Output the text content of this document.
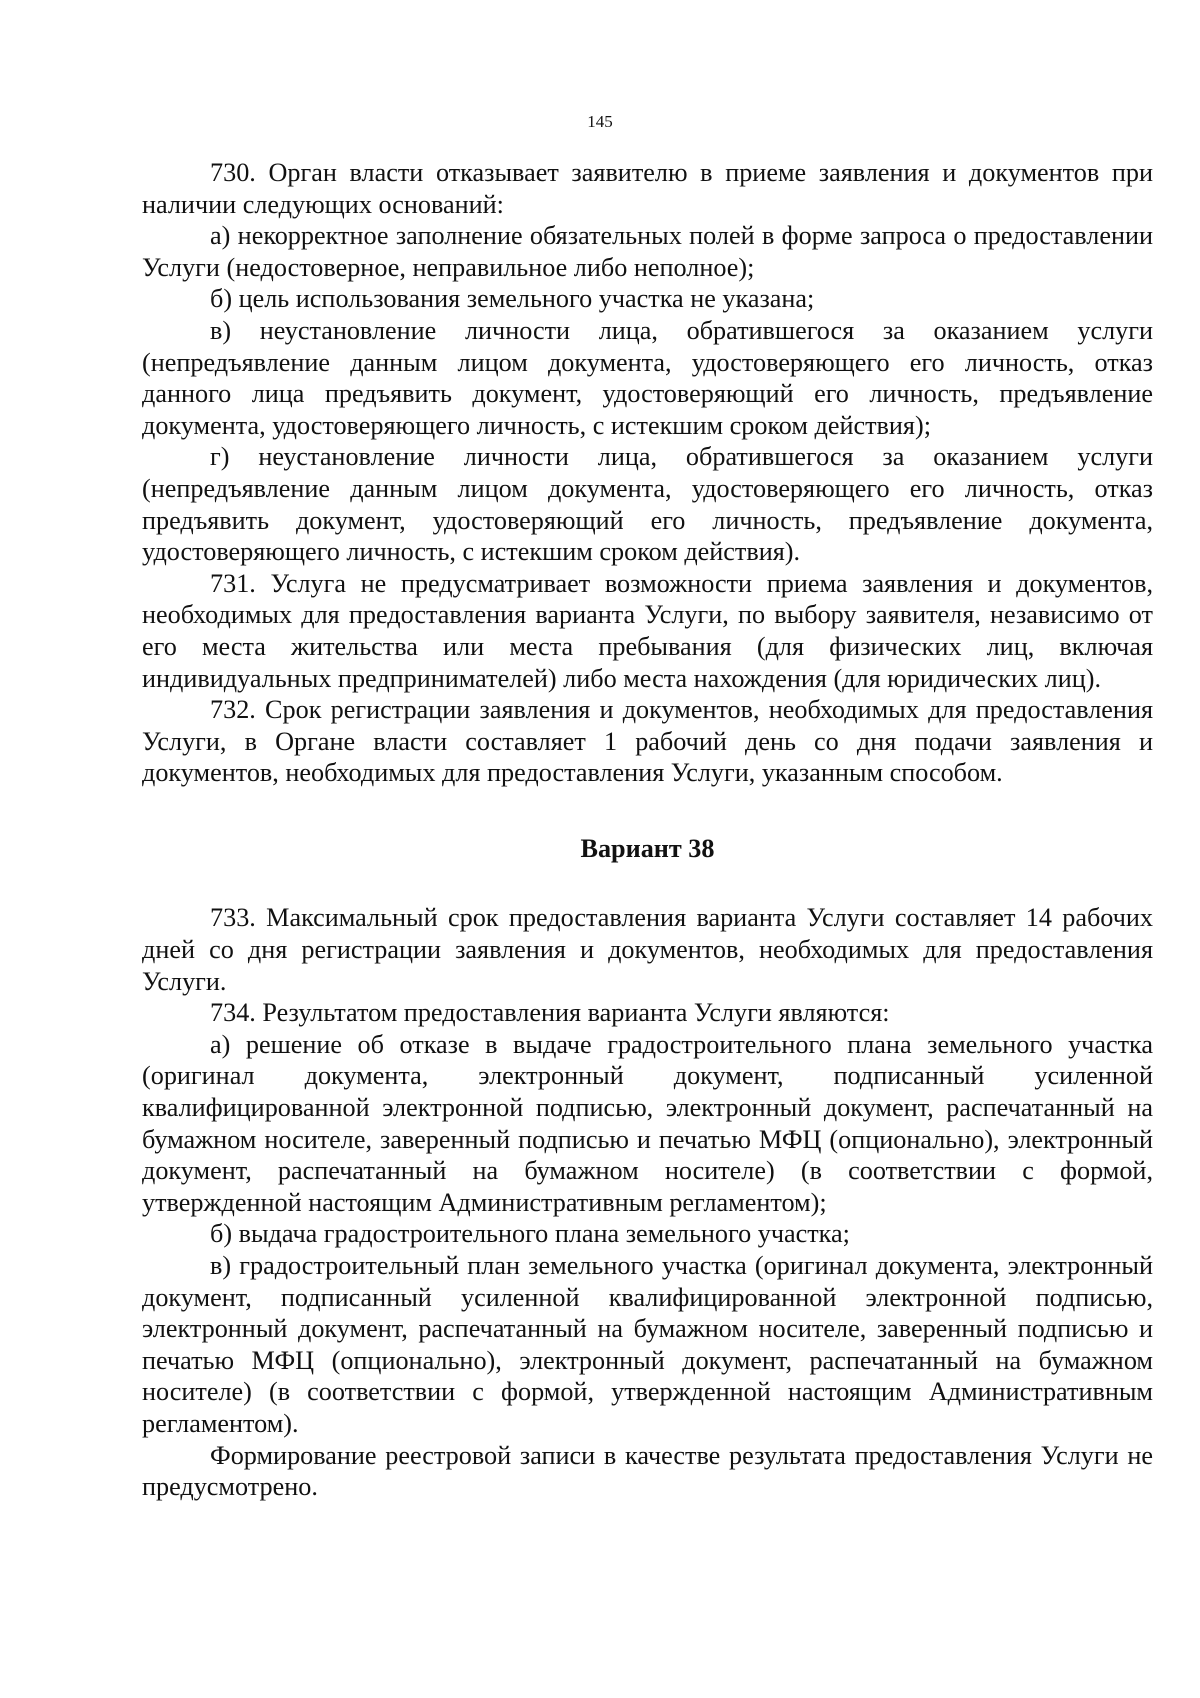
145

730. Орган власти отказывает заявителю в приеме заявления и документов при наличии следующих оснований:

а) некорректное заполнение обязательных полей в форме запроса о предоставлении Услуги (недостоверное, неправильное либо неполное);

б) цель использования земельного участка не указана;

в) неустановление личности лица, обратившегося за оказанием услуги (непредъявление данным лицом документа, удостоверяющего его личность, отказ данного лица предъявить документ, удостоверяющий его личность, предъявление документа, удостоверяющего личность, с истекшим сроком действия);

г) неустановление личности лица, обратившегося за оказанием услуги (непредъявление данным лицом документа, удостоверяющего его личность, отказ предъявить документ, удостоверяющий его личность, предъявление документа, удостоверяющего личность, с истекшим сроком действия).

731. Услуга не предусматривает возможности приема заявления и документов, необходимых для предоставления варианта Услуги, по выбору заявителя, независимо от его места жительства или места пребывания (для физических лиц, включая индивидуальных предпринимателей) либо места нахождения (для юридических лиц).

732. Срок регистрации заявления и документов, необходимых для предоставления Услуги, в Органе власти составляет 1 рабочий день со дня подачи заявления и документов, необходимых для предоставления Услуги, указанным способом.

Вариант 38

733. Максимальный срок предоставления варианта Услуги составляет 14 рабочих дней со дня регистрации заявления и документов, необходимых для предоставления Услуги.

734. Результатом предоставления варианта Услуги являются:

а) решение об отказе в выдаче градостроительного плана земельного участка (оригинал документа, электронный документ, подписанный усиленной квалифицированной электронной подписью, электронный документ, распечатанный на бумажном носителе, заверенный подписью и печатью МФЦ (опционально), электронный документ, распечатанный на бумажном носителе) (в соответствии с формой, утвержденной настоящим Административным регламентом);

б) выдача градостроительного плана земельного участка;

в) градостроительный план земельного участка (оригинал документа, электронный документ, подписанный усиленной квалифицированной электронной подписью, электронный документ, распечатанный на бумажном носителе, заверенный подписью и печатью МФЦ (опционально), электронный документ, распечатанный на бумажном носителе) (в соответствии с формой, утвержденной настоящим Административным регламентом).

Формирование реестровой записи в качестве результата предоставления Услуги не предусмотрено.
